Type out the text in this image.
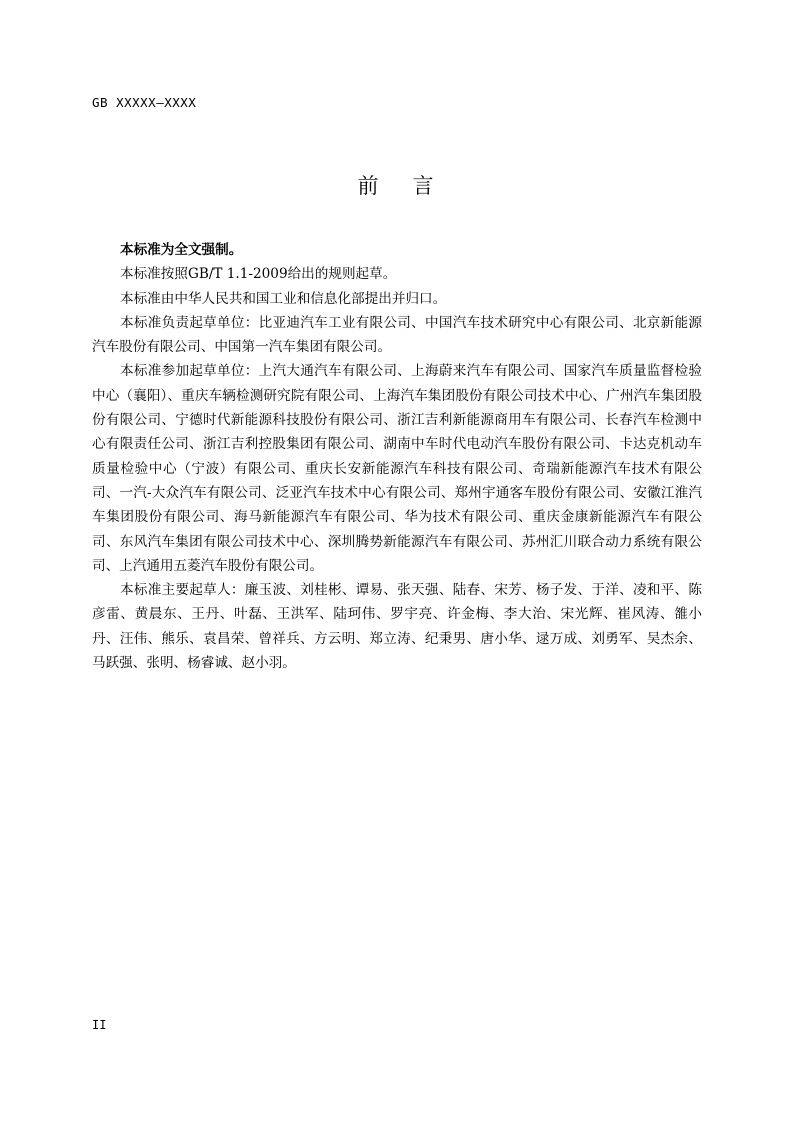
GB XXXXX—XXXX
前 言

本标准为全文强制。

本标准按照GB/T 1.1-2009给出的规则起草。

本标准由中华人民共和国工业和信息化部提出并归口。

本标准负责起草单位：比亚迪汽车工业有限公司、中国汽车技术研究中心有限公司、北京新能源汽车股份有限公司、中国第一汽车集团有限公司。

本标准参加起草单位：上汽大通汽车有限公司、上海蔚来汽车有限公司、国家汽车质量监督检验中心（襄阳）、重庆车辆检测研究院有限公司、上海汽车集团股份有限公司技术中心、广州汽车集团股份有限公司、宁德时代新能源科技股份有限公司、浙江吉利新能源商用车有限公司、长春汽车检测中心有限责任公司、浙江吉利控股集团有限公司、湖南中车时代电动汽车股份有限公司、卡达克机动车质量检验中心（宁波）有限公司、重庆长安新能源汽车科技有限公司、奇瑞新能源汽车技术有限公司、一汽-大众汽车有限公司、泛亚汽车技术中心有限公司、郑州宇通客车股份有限公司、安徽江淮汽车集团股份有限公司、海马新能源汽车有限公司、华为技术有限公司、重庆金康新能源汽车有限公司、东风汽车集团有限公司技术中心、深圳腾势新能源汽车有限公司、苏州汇川联合动力系统有限公司、上汽通用五菱汽车股份有限公司。

本标准主要起草人：廉玉波、刘桂彬、谭易、张天强、陆春、宋芳、杨子发、于洋、凌和平、陈彦雷、黄晨东、王丹、叶磊、王洪军、陆珂伟、罗宇亮、许金梅、李大治、宋光辉、崔风涛、雒小丹、汪伟、熊乐、袁昌荣、曾祥兵、方云明、郑立涛、纪秉男、唐小华、逯万成、刘勇军、吴杰余、马跃强、张明、杨睿诚、赵小羽。

II
